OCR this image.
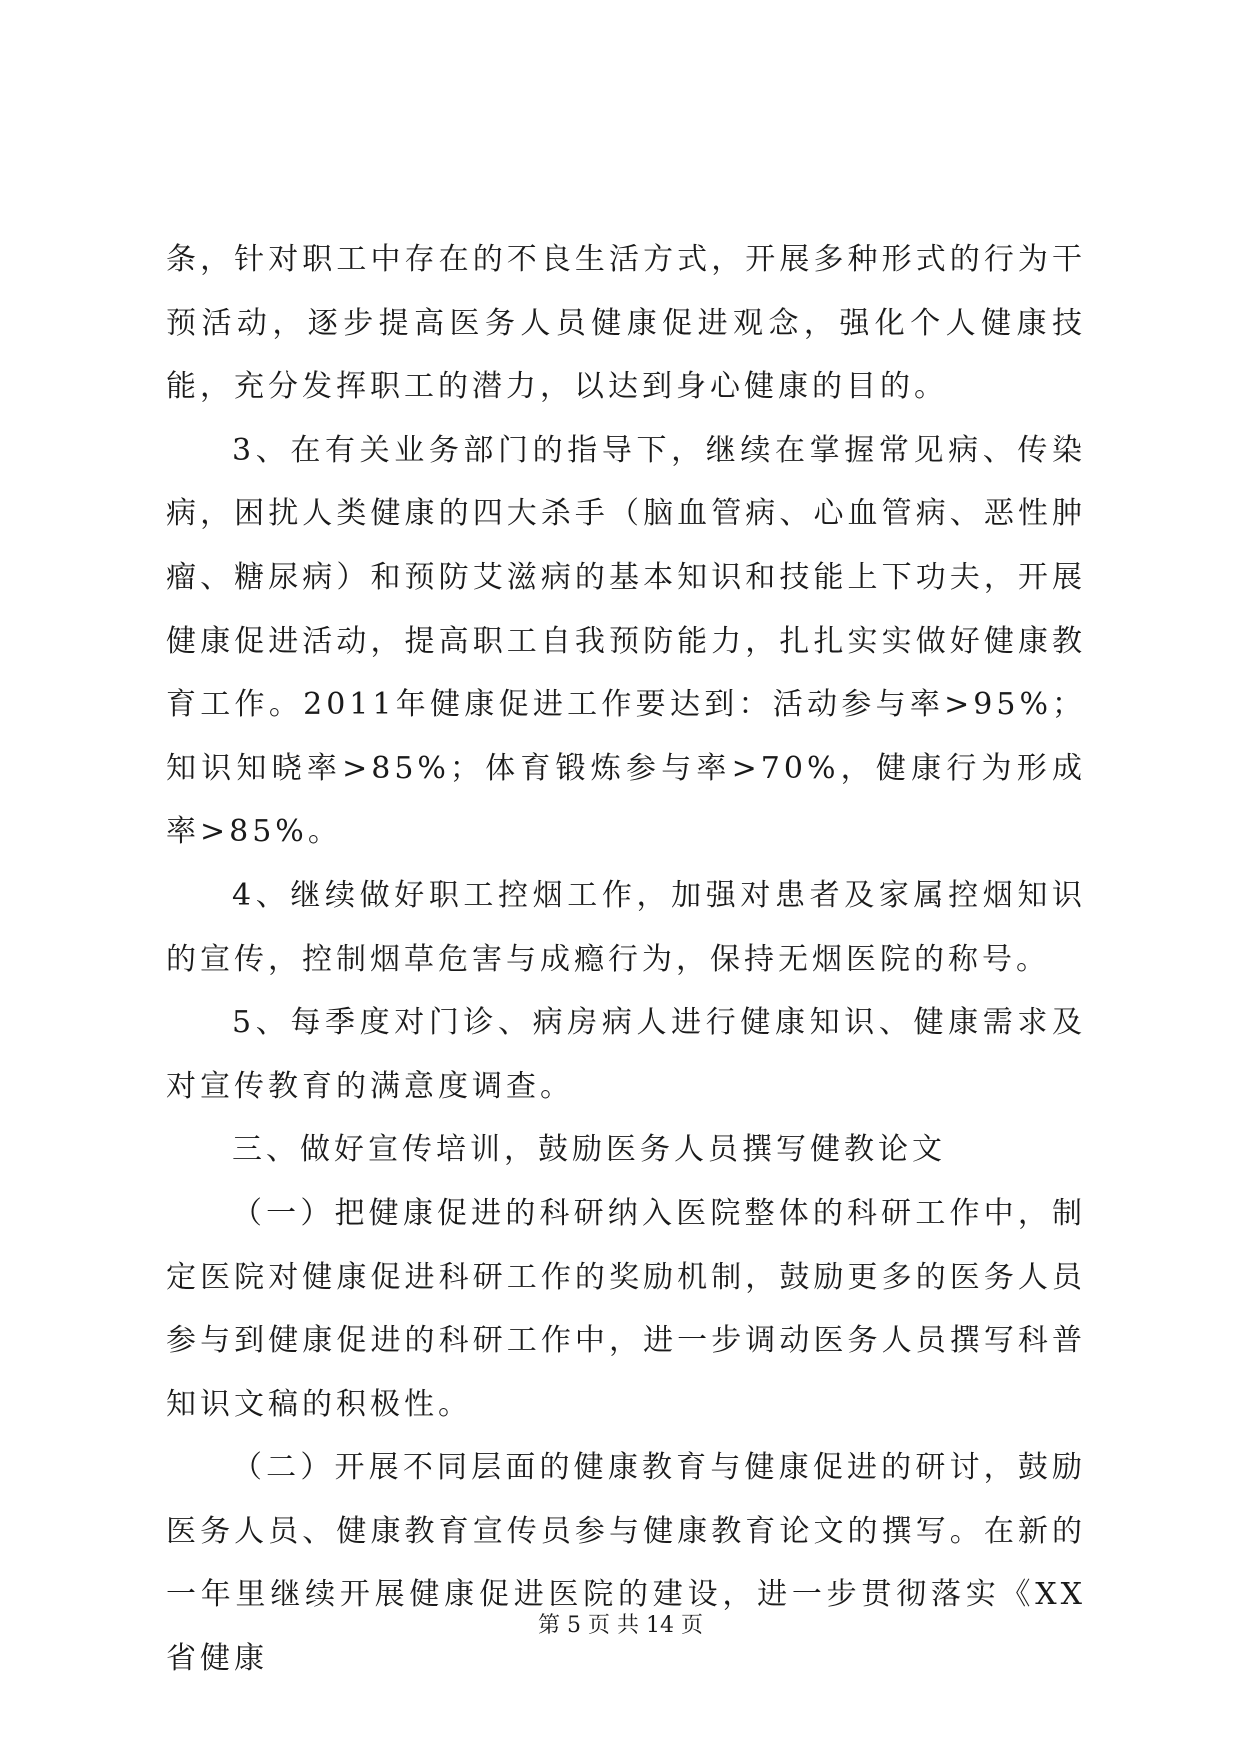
条，针对职工中存在的不良生活方式，开展多种形式的行为干预活动，逐步提高医务人员健康促进观念，强化个人健康技能，充分发挥职工的潜力，以达到身心健康的目的。

3、在有关业务部门的指导下，继续在掌握常见病、传染病，困扰人类健康的四大杀手（脑血管病、心血管病、恶性肿瘤、糖尿病）和预防艾滋病的基本知识和技能上下功夫，开展健康促进活动，提高职工自我预防能力，扎扎实实做好健康教育工作。2011年健康促进工作要达到：活动参与率>95%；知识知晓率>85%；体育锻炼参与率>70%，健康行为形成率>85%。

4、继续做好职工控烟工作，加强对患者及家属控烟知识的宣传，控制烟草危害与成瘾行为，保持无烟医院的称号。

5、每季度对门诊、病房病人进行健康知识、健康需求及对宣传教育的满意度调查。

三、做好宣传培训，鼓励医务人员撰写健教论文

（一）把健康促进的科研纳入医院整体的科研工作中，制定医院对健康促进科研工作的奖励机制，鼓励更多的医务人员参与到健康促进的科研工作中，进一步调动医务人员撰写科普知识文稿的积极性。

（二）开展不同层面的健康教育与健康促进的研讨，鼓励医务人员、健康教育宣传员参与健康教育论文的撰写。在新的一年里继续开展健康促进医院的建设，进一步贯彻落实《XX省健康

第 5 页 共 14 页
